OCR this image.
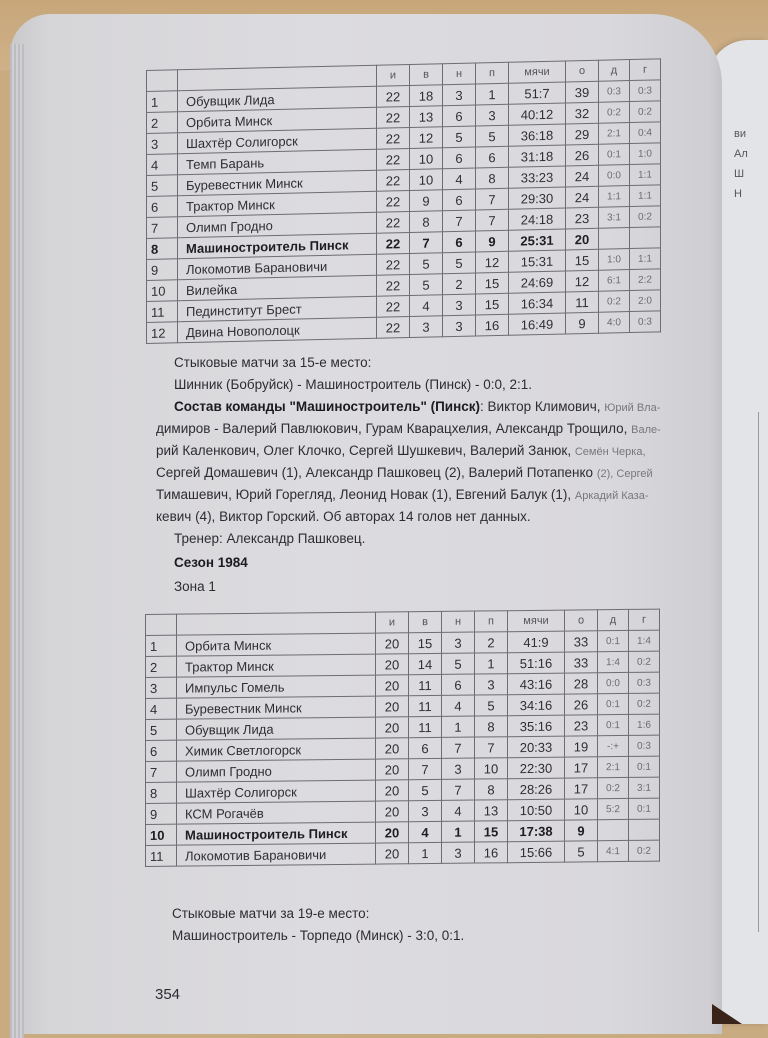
ви
Ал
Ш
Н
		и	в	н	п	мячи	о	д	г
1	Обувщик Лида	22	18	3	1	51:7	39	0:3	0:3
2	Орбита Минск	22	13	6	3	40:12	32	0:2	0:2
3	Шахтёр Солигорск	22	12	5	5	36:18	29	2:1	0:4
4	Темп Барань	22	10	6	6	31:18	26	0:1	1:0
5	Буревестник Минск	22	10	4	8	33:23	24	0:0	1:1
6	Трактор Минск	22	9	6	7	29:30	24	1:1	1:1
7	Олимп Гродно	22	8	7	7	24:18	23	3:1	0:2
8	Машиностроитель Пинск	22	7	6	9	25:31	20		
9	Локомотив Барановичи	22	5	5	12	15:31	15	1:0	1:1
10	Вилейка	22	5	2	15	24:69	12	6:1	2:2
11	Пединститут Брест	22	4	3	15	16:34	11	0:2	2:0
12	Двина Новополоцк	22	3	3	16	16:49	9	4:0	0:3
Стыковые матчи за 15-е место:
Шинник (Бобруйск) - Машиностроитель (Пинск) - 0:0, 2:1.
Состав команды "Машиностроитель" (Пинск): Виктор Климович, Юрий Вла-
димиров - Валерий Павлюкович, Гурам Кварацхелия, Александр Трощило, Вале-
рий Каленкович, Олег Клочко, Сергей Шушкевич, Валерий Занюк, Семён Черка,
Сергей Домашевич (1), Александр Пашковец (2), Валерий Потапенко (2), Сергей
Тимашевич, Юрий Горегляд, Леонид Новак (1), Евгений Балук (1), Аркадий Каза-
кевич (4), Виктор Горский. Об авторах 14 голов нет данных.
Тренер: Александр Пашковец.
Сезон 1984
Зона 1
		и	в	н	п	мячи	о	д	г
1	Орбита Минск	20	15	3	2	41:9	33	0:1	1:4
2	Трактор Минск	20	14	5	1	51:16	33	1:4	0:2
3	Импульс Гомель	20	11	6	3	43:16	28	0:0	0:3
4	Буревестник Минск	20	11	4	5	34:16	26	0:1	0:2
5	Обувщик Лида	20	11	1	8	35:16	23	0:1	1:6
6	Химик Светлогорск	20	6	7	7	20:33	19	-:+	0:3
7	Олимп Гродно	20	7	3	10	22:30	17	2:1	0:1
8	Шахтёр Солигорск	20	5	7	8	28:26	17	0:2	3:1
9	КСМ Рогачёв	20	3	4	13	10:50	10	5:2	0:1
10	Машиностроитель Пинск	20	4	1	15	17:38	9		
11	Локомотив Барановичи	20	1	3	16	15:66	5	4:1	0:2
Стыковые матчи за 19-е место:
Машиностроитель - Торпедо (Минск) - 3:0, 0:1.
354
